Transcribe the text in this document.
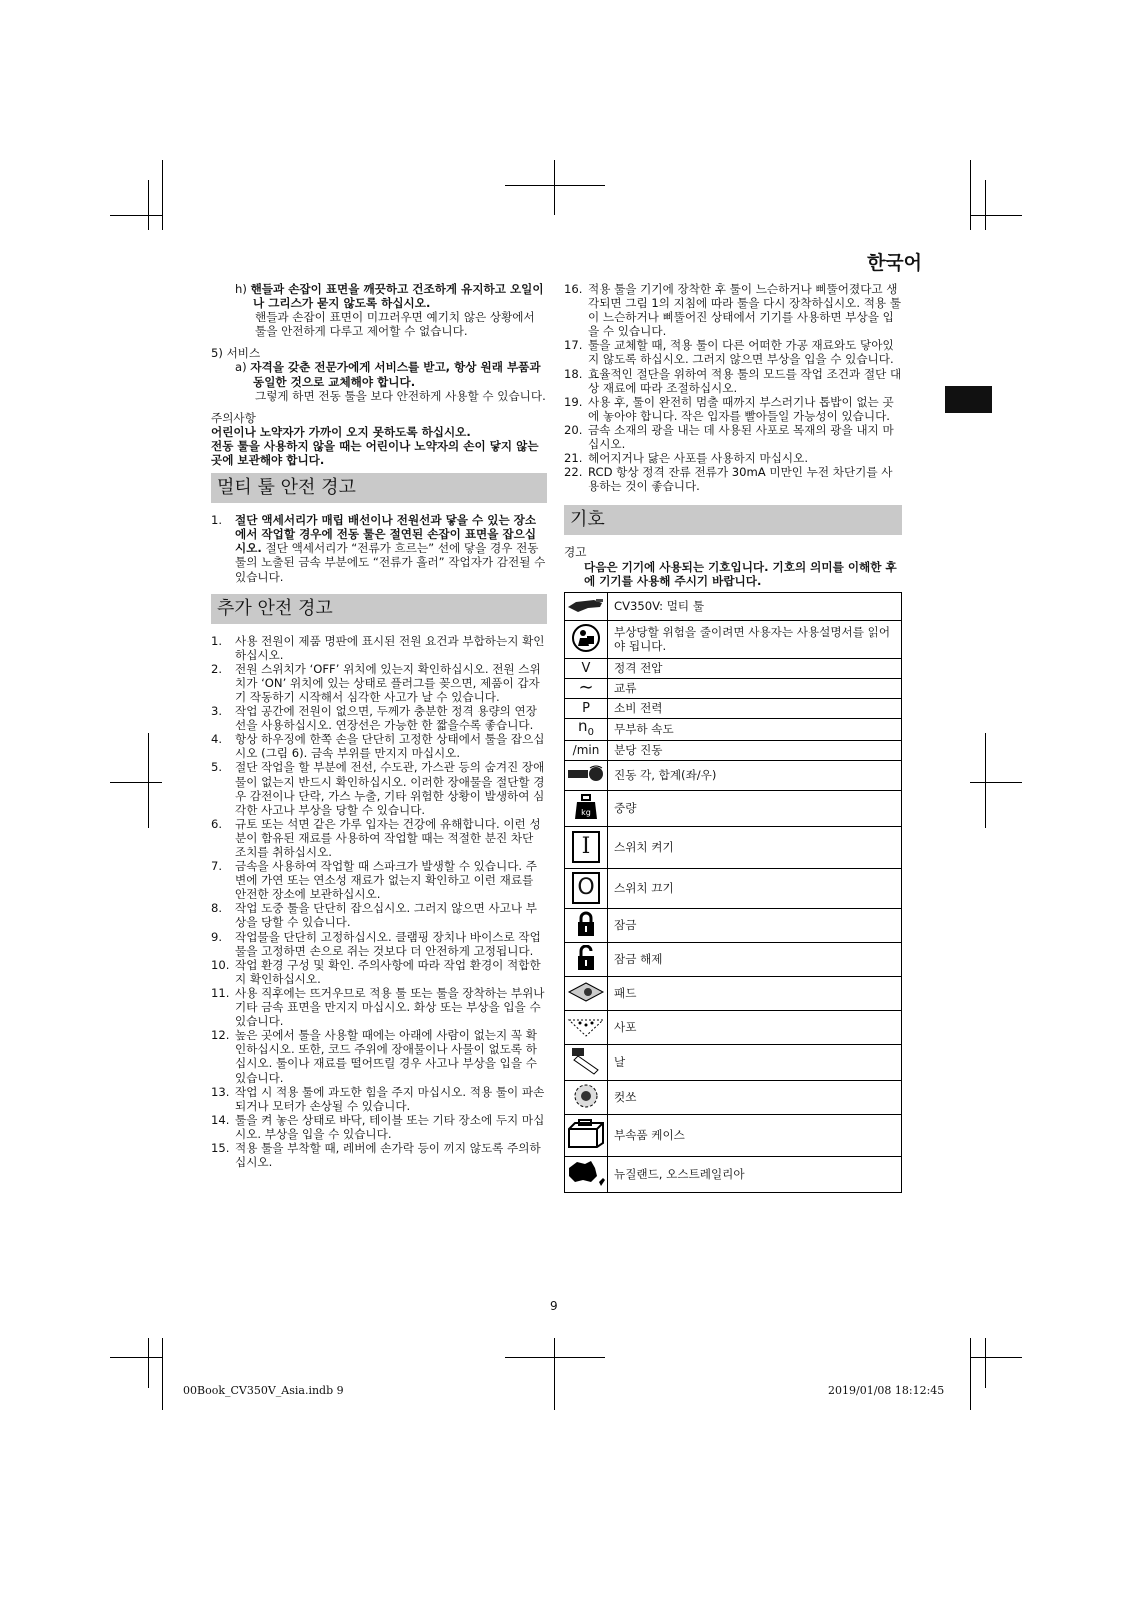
한국어

h) 핸들과 손잡이 표면을 깨끗하고 건조하게 유지하고 오일이나 그리스가 묻지 않도록 하십시오.

핸들과 손잡이 표면이 미끄러우면 예기치 않은 상황에서 툴을 안전하게 다루고 제어할 수 없습니다.

5) 서비스

a) 자격을 갖춘 전문가에게 서비스를 받고, 항상 원래 부품과 동일한 것으로 교체해야 합니다.

그렇게 하면 전동 툴을 보다 안전하게 사용할 수 있습니다.

주의사항

어린이나 노약자가 가까이 오지 못하도록 하십시오.

전동 툴을 사용하지 않을 때는 어린이나 노약자의 손이 닿지 않는 곳에 보관해야 합니다.

멀티 툴 안전 경고

1. 절단 액세서리가 매립 배선이나 전원선과 닿을 수 있는 장소에서 작업할 경우에 전동 툴은 절연된 손잡이 표면을 잡으십시오. 절단 액세서리가 “전류가 흐르는” 선에 닿을 경우 전동 툴의 노출된 금속 부분에도 “전류가 흘러” 작업자가 감전될 수 있습니다.

추가 안전 경고
1. 사용 전원이 제품 명판에 표시된 전원 요건과 부합하는지 확인하십시오.
2. 전원 스위치가 ‘OFF’ 위치에 있는지 확인하십시오. 전원 스위치가 ‘ON’ 위치에 있는 상태로 플러그를 꽂으면, 제품이 갑자기 작동하기 시작해서 심각한 사고가 날 수 있습니다.
3. 작업 공간에 전원이 없으면, 두께가 충분한 정격 용량의 연장선을 사용하십시오. 연장선은 가능한 한 짧을수록 좋습니다.
4. 항상 하우징에 한쪽 손을 단단히 고정한 상태에서 툴을 잡으십시오 (그림 6). 금속 부위를 만지지 마십시오.
5. 절단 작업을 할 부분에 전선, 수도관, 가스관 등의 숨겨진 장애물이 없는지 반드시 확인하십시오. 이러한 장애물을 절단할 경우 감전이나 단락, 가스 누출, 기타 위험한 상황이 발생하여 심각한 사고나 부상을 당할 수 있습니다.
6. 규토 또는 석면 같은 가루 입자는 건강에 유해합니다. 이런 성분이 함유된 재료를 사용하여 작업할 때는 적절한 분진 차단 조치를 취하십시오.
7. 금속을 사용하여 작업할 때 스파크가 발생할 수 있습니다. 주변에 가연 또는 연소성 재료가 없는지 확인하고 이런 재료를 안전한 장소에 보관하십시오.
8. 작업 도중 툴을 단단히 잡으십시오. 그러지 않으면 사고나 부상을 당할 수 있습니다.
9. 작업물을 단단히 고정하십시오. 클램핑 장치나 바이스로 작업물을 고정하면 손으로 쥐는 것보다 더 안전하게 고정됩니다.
10. 작업 환경 구성 및 확인. 주의사항에 따라 작업 환경이 적합한지 확인하십시오.
11. 사용 직후에는 뜨거우므로 적용 툴 또는 툴을 장착하는 부위나 기타 금속 표면을 만지지 마십시오. 화상 또는 부상을 입을 수 있습니다.
12. 높은 곳에서 툴을 사용할 때에는 아래에 사람이 없는지 꼭 확인하십시오. 또한, 코드 주위에 장애물이나 사물이 없도록 하십시오. 툴이나 재료를 떨어뜨릴 경우 사고나 부상을 입을 수 있습니다.
13. 작업 시 적용 툴에 과도한 힘을 주지 마십시오. 적용 툴이 파손되거나 모터가 손상될 수 있습니다.
14. 툴을 켜 놓은 상태로 바닥, 테이블 또는 기타 장소에 두지 마십시오. 부상을 입을 수 있습니다.
15. 적용 툴을 부착할 때, 레버에 손가락 등이 끼지 않도록 주의하십시오.
16. 적용 툴을 기기에 장착한 후 툴이 느슨하거나 삐뚤어졌다고 생각되면 그림 1의 지침에 따라 툴을 다시 장착하십시오. 적용 툴이 느슨하거나 삐뚤어진 상태에서 기기를 사용하면 부상을 입을 수 있습니다.
17. 툴을 교체할 때, 적용 툴이 다른 어떠한 가공 재료와도 닿아있지 않도록 하십시오. 그러지 않으면 부상을 입을 수 있습니다.
18. 효율적인 절단을 위하여 적용 툴의 모드를 작업 조건과 절단 대상 재료에 따라 조절하십시오.
19. 사용 후, 툴이 완전히 멈출 때까지 부스러기나 톱밥이 없는 곳에 놓아야 합니다. 작은 입자를 빨아들일 가능성이 있습니다.
20. 금속 소재의 광을 내는 데 사용된 사포로 목재의 광을 내지 마십시오.
21. 헤어지거나 닳은 사포를 사용하지 마십시오.
22. RCD 항상 정격 잔류 전류가 30mA 미만인 누전 차단기를 사용하는 것이 좋습니다.
기호

경고

다음은 기기에 사용되는 기호입니다. 기호의 의미를 이해한 후에 기기를 사용해 주시기 바랍니다.

	CV350V: 멀티 툴
	부상당할 위험을 줄이려면 사용자는 사용설명서를 읽어야 됩니다.
V	정격 전압
∼	교류
P	소비 전력
$n_0$	무부하 속도
/min	분당 진동
	진동 각, 합계(좌/우)

kg	중량
I	스위치 켜기
O	스위치 끄기
	잠금
	잠금 해제
	패드
	사포
	날
	컷쏘
	부속품 케이스
	뉴질랜드, 오스트레일리아
9
00Book_CV350V_Asia.indb 9	2019/01/08 18:12:45
